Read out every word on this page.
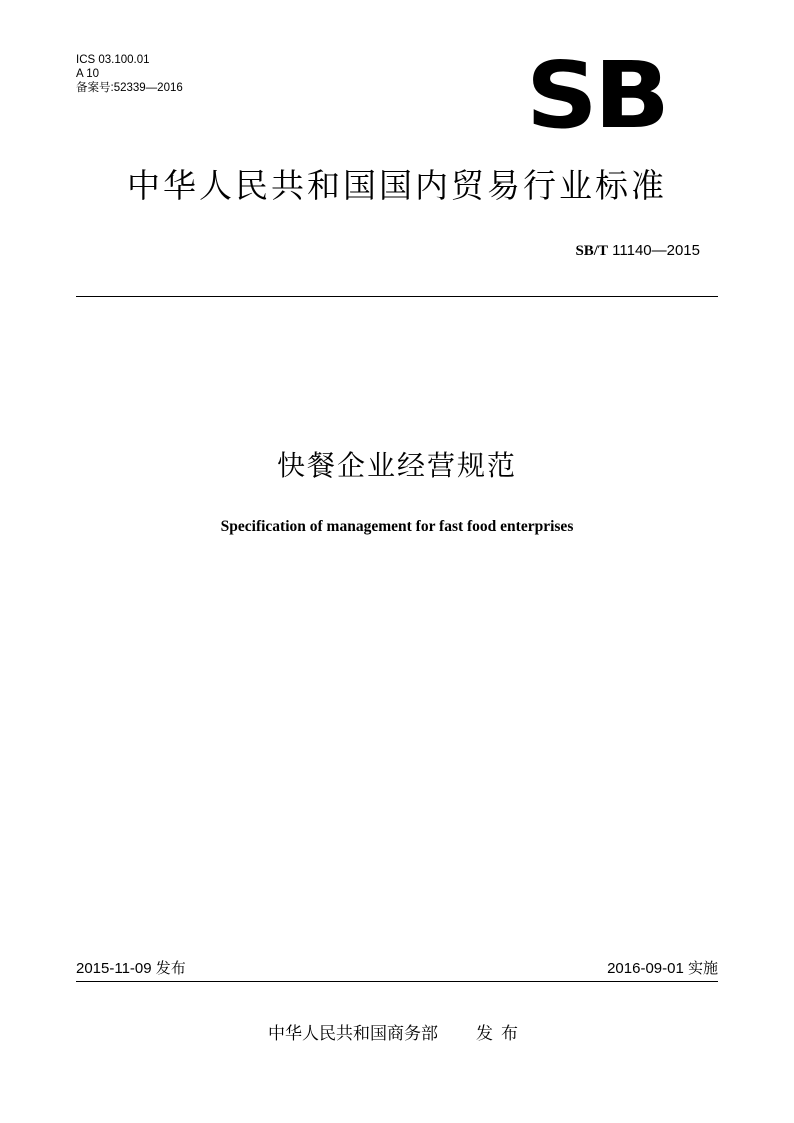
ICS 03.100.01
A 10
备案号:52339—2016	SB
中华人民共和国国内贸易行业标准
SB/T 11140—2015
快餐企业经营规范
Specification of management for fast food enterprises
2015-11-09 发布	2016-09-01 实施
中华人民共和国商务部 发布
